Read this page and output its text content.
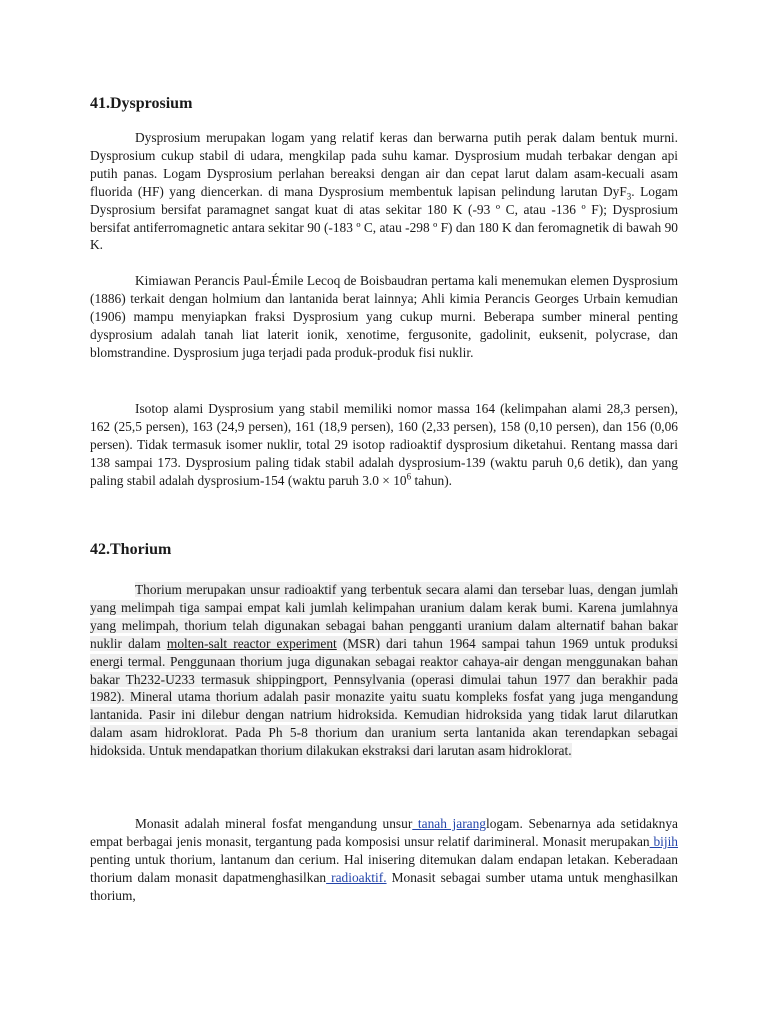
41.Dysprosium

Dysprosium merupakan logam yang relatif keras dan berwarna putih perak dalam bentuk murni. Dysprosium cukup stabil di udara, mengkilap pada suhu kamar. Dysprosium mudah terbakar dengan api putih panas. Logam Dysprosium perlahan bereaksi dengan air dan cepat larut dalam asam-kecuali asam fluorida (HF) yang diencerkan. di mana Dysprosium membentuk lapisan pelindung larutan DyF$_3$. Logam Dysprosium bersifat paramagnet sangat kuat di atas sekitar 180 K (-93 º C, atau -136 º F); Dysprosium bersifat antiferromagnetic antara sekitar 90 (-183 º C, atau -298 º F) dan 180 K dan feromagnetik di bawah 90 K.

Kimiawan Perancis Paul-Émile Lecoq de Boisbaudran pertama kali menemukan elemen Dysprosium (1886) terkait dengan holmium dan lantanida berat lainnya; Ahli kimia Perancis Georges Urbain kemudian (1906) mampu menyiapkan fraksi Dysprosium yang cukup murni. Beberapa sumber mineral penting dysprosium adalah tanah liat laterit ionik, xenotime, fergusonite, gadolinit, euksenit, polycrase, dan blomstrandine. Dysprosium juga terjadi pada produk-produk fisi nuklir.

Isotop alami Dysprosium yang stabil memiliki nomor massa 164 (kelimpahan alami 28,3 persen), 162 (25,5 persen), 163 (24,9 persen), 161 (18,9 persen), 160 (2,33 persen), 158 (0,10 persen), dan 156 (0,06 persen). Tidak termasuk isomer nuklir, total 29 isotop radioaktif dysprosium diketahui. Rentang massa dari 138 sampai 173. Dysprosium paling tidak stabil adalah dysprosium-139 (waktu paruh 0,6 detik), dan yang paling stabil adalah dysprosium-154 (waktu paruh $3.0 \times 10^6$ tahun).

42.Thorium

Thorium merupakan unsur radioaktif yang terbentuk secara alami dan tersebar luas, dengan jumlah yang melimpah tiga sampai empat kali jumlah kelimpahan uranium dalam kerak bumi. Karena jumlahnya yang melimpah, thorium telah digunakan sebagai bahan pengganti uranium dalam alternatif bahan bakar nuklir dalam molten-salt reactor experiment (MSR) dari tahun 1964 sampai tahun 1969 untuk produksi energi termal. Penggunaan thorium juga digunakan sebagai reaktor cahaya-air dengan menggunakan bahan bakar Th232-U233 termasuk shippingport, Pennsylvania (operasi dimulai tahun 1977 dan berakhir pada 1982). Mineral utama thorium adalah pasir monazite yaitu suatu kompleks fosfat yang juga mengandung lantanida. Pasir ini dilebur dengan natrium hidroksida. Kemudian hidroksida yang tidak larut dilarutkan dalam asam hidroklorat. Pada Ph 5-8 thorium dan uranium serta lantanida akan terendapkan sebagai hidoksida. Untuk mendapatkan thorium dilakukan ekstraksi dari larutan asam hidroklorat.

Monasit adalah mineral fosfat mengandung unsur tanah jaranglogam. Sebenarnya ada setidaknya empat berbagai jenis monasit, tergantung pada komposisi unsur relatif darimineral. Monasit merupakan bijih penting untuk thorium, lantanum dan cerium. Hal inisering ditemukan dalam endapan letakan. Keberadaan thorium dalam monasit dapatmenghasilkan radioaktif. Monasit sebagai sumber utama untuk menghasilkan thorium,
